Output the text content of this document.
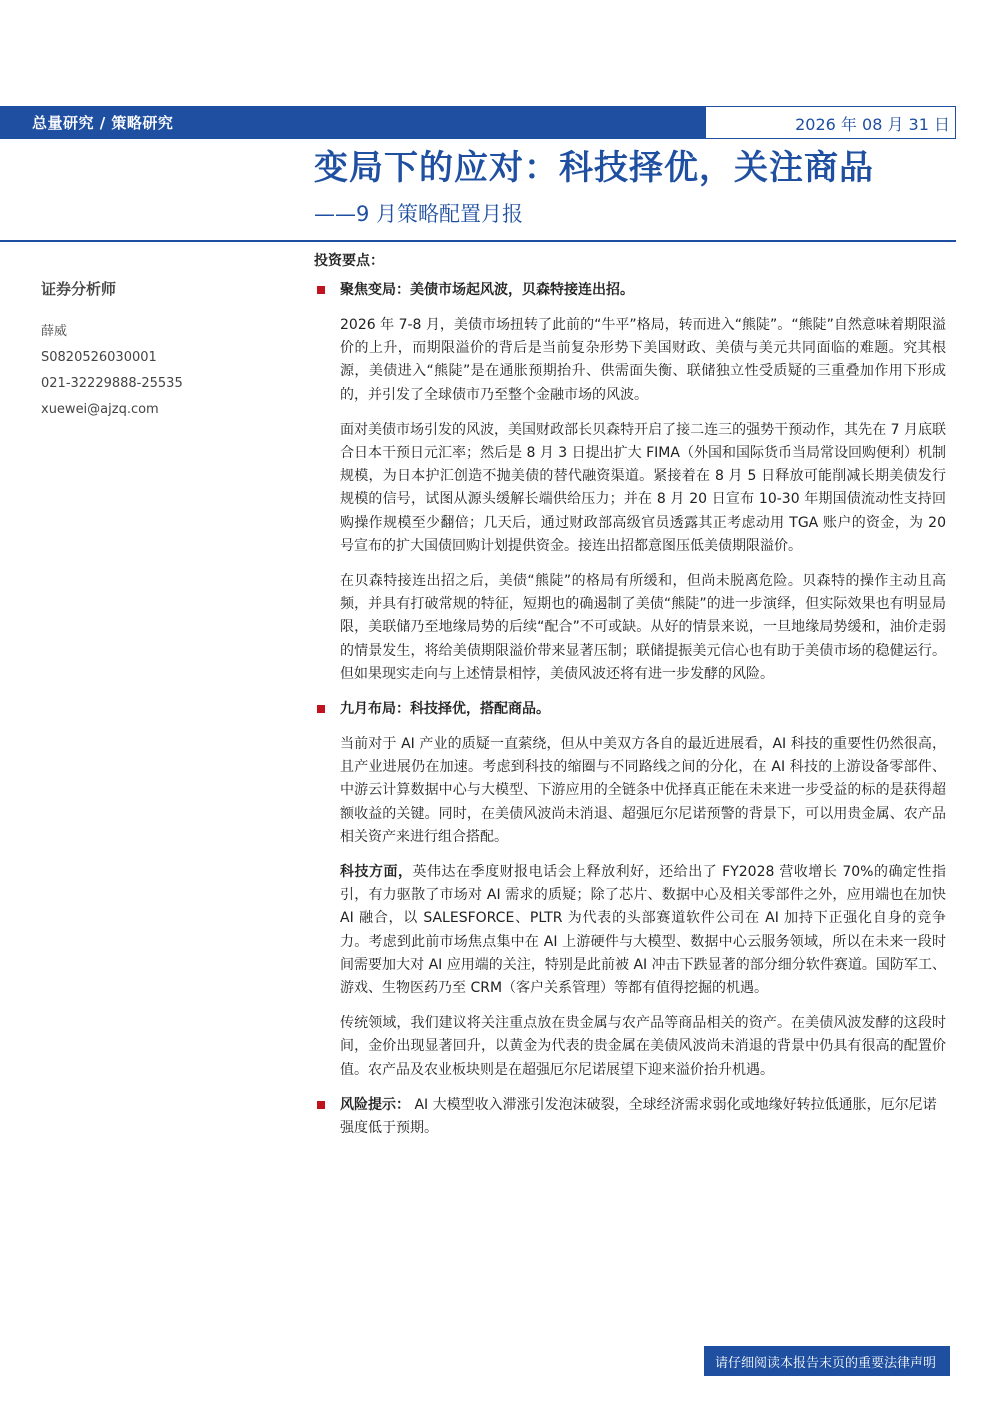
总量研究 / 策略研究	2026 年 08 月 31 日
变局下的应对：科技择优，关注商品
——9 月策略配置月报
证券分析师
薛威
S0820526030001
021-32229888-25535
xuewei@ajzq.com
投资要点：
聚焦变局：美债市场起风波，贝森特接连出招。
2026 年 7-8 月，美债市场扭转了此前的“牛平”格局，转而进入“熊陡”。“熊陡”自然意味着期限溢价的上升，而期限溢价的背后是当前复杂形势下美国财政、美债与美元共同面临的难题。究其根源，美债进入“熊陡”是在通胀预期抬升、供需面失衡、联储独立性受质疑的三重叠加作用下形成的，并引发了全球债市乃至整个金融市场的风波。
面对美债市场引发的风波，美国财政部长贝森特开启了接二连三的强势干预动作，其先在 7 月底联合日本干预日元汇率；然后是 8 月 3 日提出扩大 FIMA（外国和国际货币当局常设回购便利）机制规模，为日本护汇创造不抛美债的替代融资渠道。紧接着在 8 月 5 日释放可能削减长期美债发行规模的信号，试图从源头缓解长端供给压力；并在 8 月 20 日宣布 10-30 年期国债流动性支持回购操作规模至少翻倍；几天后，通过财政部高级官员透露其正考虑动用 TGA 账户的资金，为 20 号宣布的扩大国债回购计划提供资金。接连出招都意图压低美债期限溢价。
在贝森特接连出招之后，美债“熊陡”的格局有所缓和，但尚未脱离危险。贝森特的操作主动且高频，并具有打破常规的特征，短期也的确遏制了美债“熊陡”的进一步演绎，但实际效果也有明显局限，美联储乃至地缘局势的后续“配合”不可或缺。从好的情景来说，一旦地缘局势缓和，油价走弱的情景发生，将给美债期限溢价带来显著压制；联储提振美元信心也有助于美债市场的稳健运行。但如果现实走向与上述情景相悖，美债风波还将有进一步发酵的风险。
九月布局：科技择优，搭配商品。
当前对于 AI 产业的质疑一直萦绕，但从中美双方各自的最近进展看，AI 科技的重要性仍然很高，且产业进展仍在加速。考虑到科技的缩圈与不同路线之间的分化，在 AI 科技的上游设备零部件、中游云计算数据中心与大模型、下游应用的全链条中优择真正能在未来进一步受益的标的是获得超额收益的关键。同时，在美债风波尚未消退、超强厄尔尼诺预警的背景下，可以用贵金属、农产品相关资产来进行组合搭配。
科技方面，英伟达在季度财报电话会上释放利好，还给出了 FY2028 营收增长 70%的确定性指引，有力驱散了市场对 AI 需求的质疑；除了芯片、数据中心及相关零部件之外，应用端也在加快 AI 融合，以 SALESFORCE、PLTR 为代表的头部赛道软件公司在 AI 加持下正强化自身的竞争力。考虑到此前市场焦点集中在 AI 上游硬件与大模型、数据中心云服务领域，所以在未来一段时间需要加大对 AI 应用端的关注，特别是此前被 AI 冲击下跌显著的部分细分软件赛道。国防军工、游戏、生物医药乃至 CRM（客户关系管理）等都有值得挖掘的机遇。
传统领域，我们建议将关注重点放在贵金属与农产品等商品相关的资产。在美债风波发酵的这段时间，金价出现显著回升，以黄金为代表的贵金属在美债风波尚未消退的背景中仍具有很高的配置价值。农产品及农业板块则是在超强厄尔尼诺展望下迎来溢价抬升机遇。
风险提示： AI 大模型收入滞涨引发泡沫破裂，全球经济需求弱化或地缘好转拉低通胀，厄尔尼诺强度低于预期。
请仔细阅读本报告末页的重要法律声明
